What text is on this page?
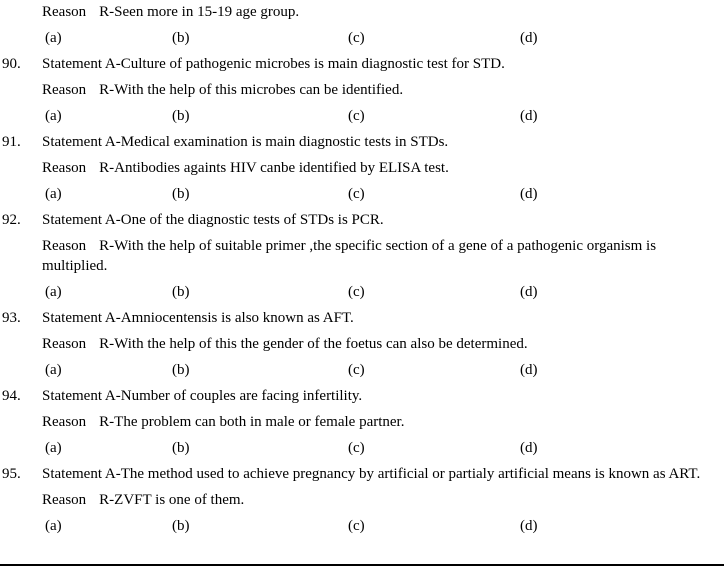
Reason R-Seen more in 15-19 age group.

(a)	(b)	(c)	(d)
90.	Statement A-Culture of pathogenic microbes is main diagnostic test for STD.

Reason R-With the help of this microbes can be identified.

(a)	(b)	(c)	(d)
91.	Statement A-Medical examination is main diagnostic tests in STDs.

Reason R-Antibodies againts HIV canbe identified by ELISA test.

(a)	(b)	(c)	(d)
92.	Statement A-One of the diagnostic tests of STDs is PCR.

Reason R-With the help of suitable primer ,the specific section of a gene of a pathogenic organism is multiplied.

(a)	(b)	(c)	(d)
93.	Statement A-Amniocentensis is also known as AFT.

Reason R-With the help of this the gender of the foetus can also be determined.

(a)	(b)	(c)	(d)
94.	Statement A-Number of couples are facing infertility.

Reason R-The problem can both in male or female partner.

(a)	(b)	(c)	(d)
95.	Statement A-The method used to achieve pregnancy by artificial or partialy artificial means is known as ART.

Reason R-ZVFT is one of them.

(a)	(b)	(c)	(d)
